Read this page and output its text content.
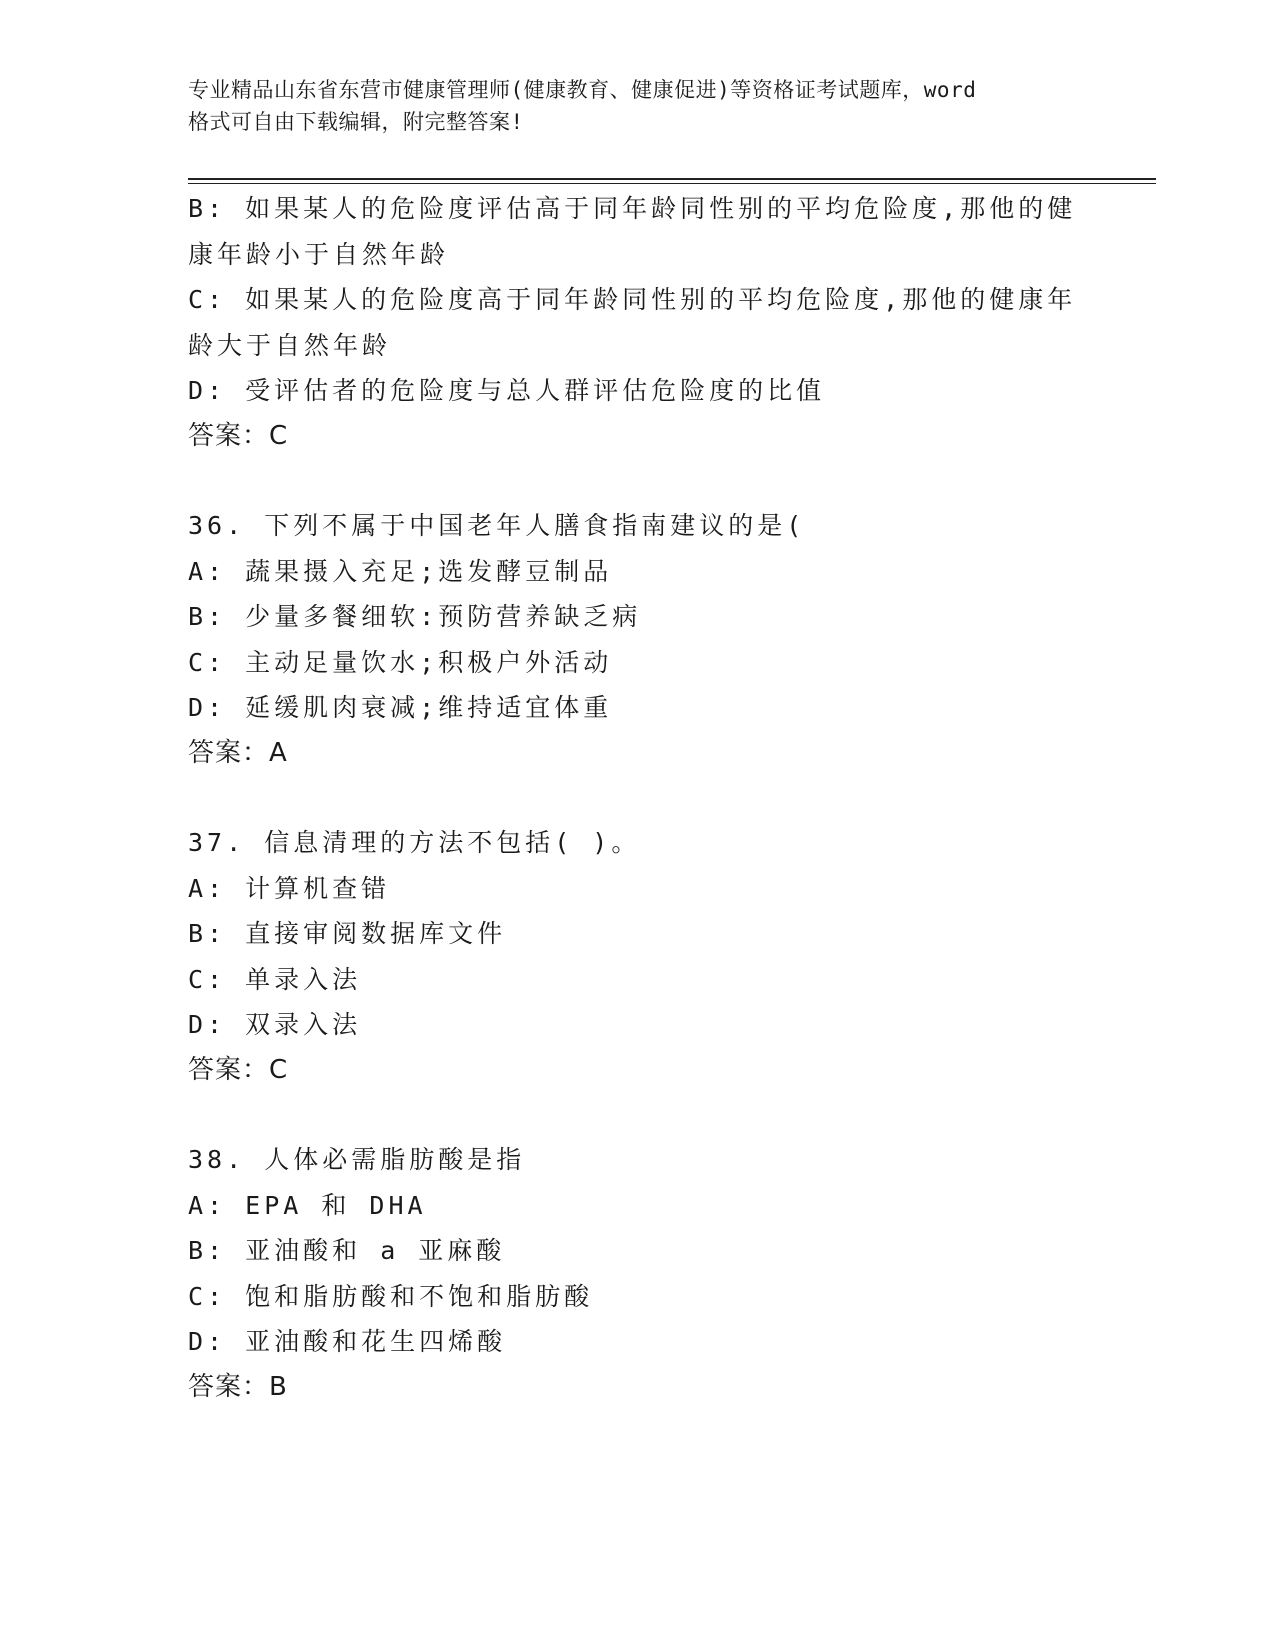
专业精品山东省东营市健康管理师(健康教育、健康促进)等资格证考试题库，word
格式可自由下载编辑，附完整答案!
B: 如果某人的危险度评估高于同年龄同性别的平均危险度,那他的健
康年龄小于自然年龄
C: 如果某人的危险度高于同年龄同性别的平均危险度,那他的健康年
龄大于自然年龄
D: 受评估者的危险度与总人群评估危险度的比值
答案：C
36. 下列不属于中国老年人膳食指南建议的是(
A: 蔬果摄入充足;选发酵豆制品
B: 少量多餐细软:预防营养缺乏病
C: 主动足量饮水;积极户外活动
D: 延缓肌肉衰减;维持适宜体重
答案：A
37. 信息清理的方法不包括( )。
A: 计算机查错
B: 直接审阅数据库文件
C: 单录入法
D: 双录入法
答案：C
38. 人体必需脂肪酸是指
A: EPA 和 DHA
B: 亚油酸和 a 亚麻酸
C: 饱和脂肪酸和不饱和脂肪酸
D: 亚油酸和花生四烯酸
答案：B
